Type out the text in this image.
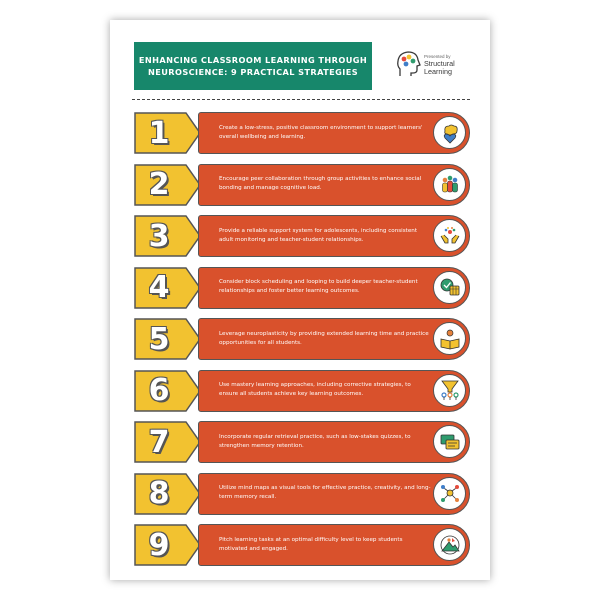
ENHANCING CLASSROOM LEARNING THROUGH
NEUROSCIENCE: 9 PRACTICAL STRATEGIES
Presented by
Structural Learning
1	Create a low-stress, positive classroom environment to support learners' overall wellbeing and learning.
2	Encourage peer collaboration through group activities to enhance social bonding and manage cognitive load.
3	Provide a reliable support system for adolescents, including consistent adult monitoring and teacher-student relationships.
4	Consider block scheduling and looping to build deeper teacher-student relationships and foster better learning outcomes.
5	Leverage neuroplasticity by providing extended learning time and practice opportunities for all students.
6	Use mastery learning approaches, including corrective strategies, to ensure all students achieve key learning outcomes.
7	Incorporate regular retrieval practice, such as low-stakes quizzes, to strengthen memory retention.
8	Utilize mind maps as visual tools for effective practice, creativity, and long-term memory recall.
9	Pitch learning tasks at an optimal difficulty level to keep students motivated and engaged.
